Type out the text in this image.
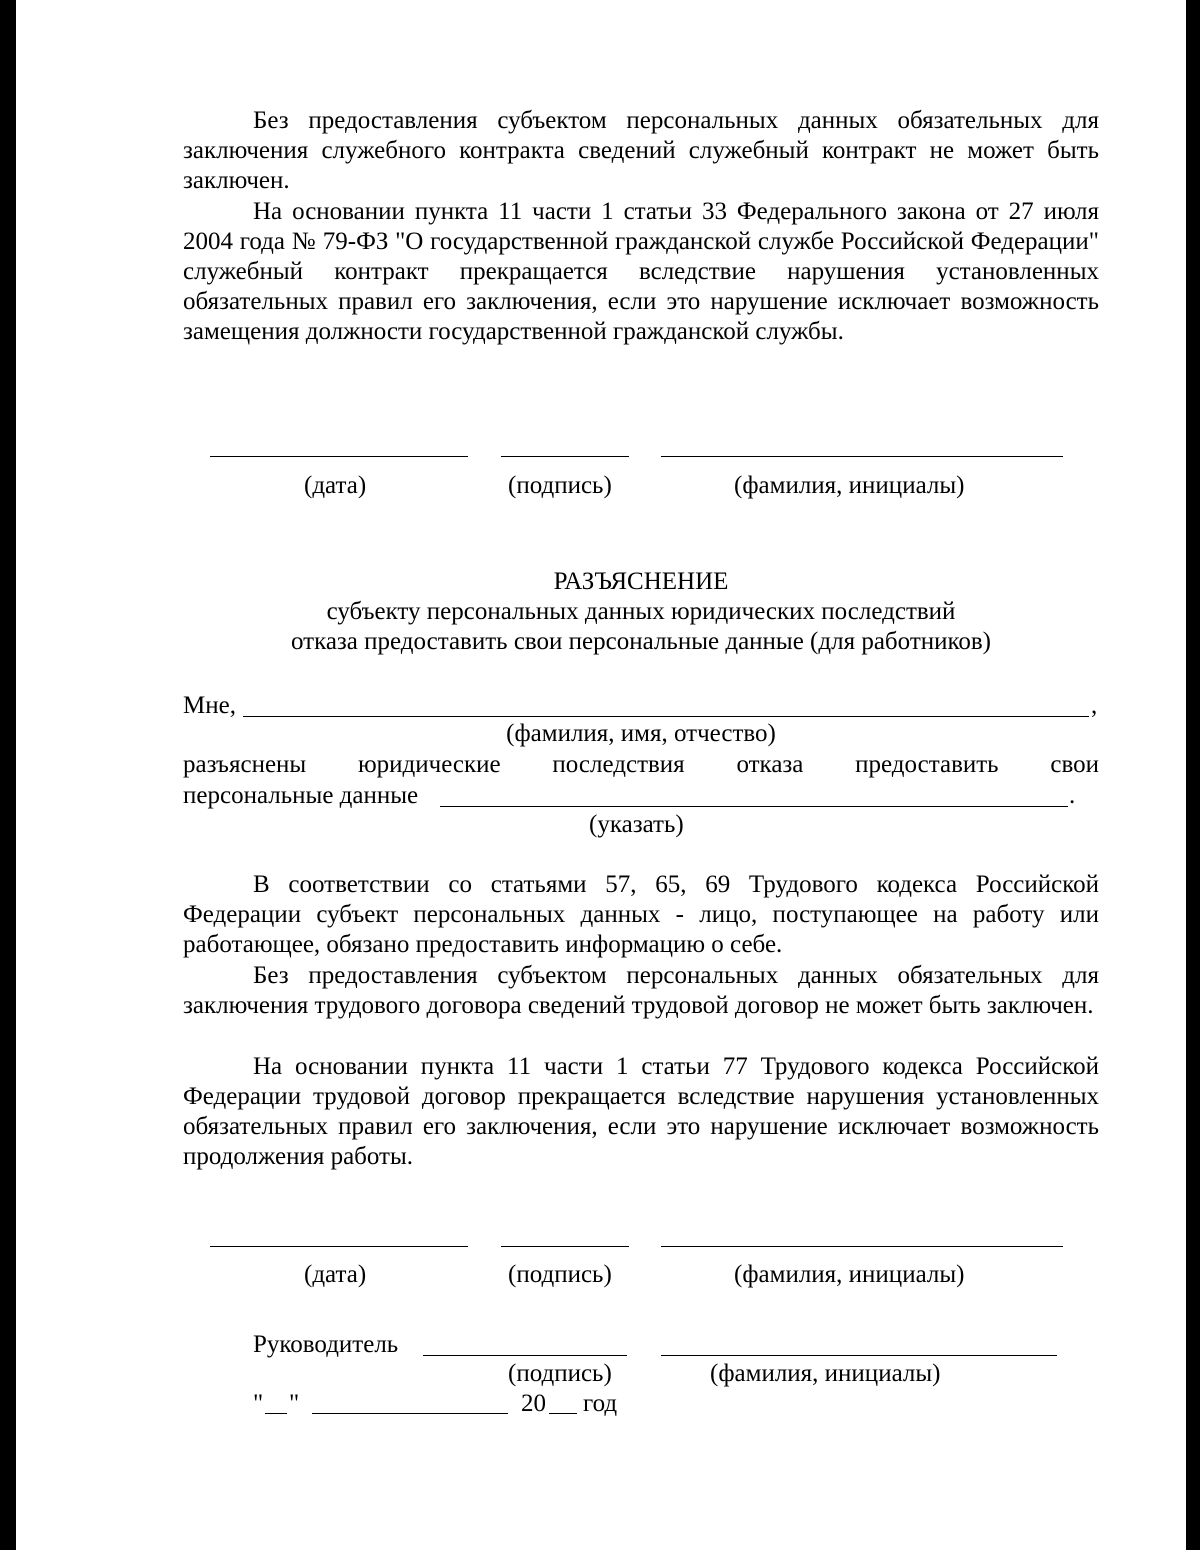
Без предоставления субъектом персональных данных обязательных для заключения служебного контракта сведений служебный контракт не может быть заключен.

На основании пункта 11 части 1 статьи 33 Федерального закона от 27 июля 2004 года № 79-ФЗ "О государственной гражданской службе Российской Федерации" служебный контракт прекращается вследствие нарушения установленных обязательных правил его заключения, если это нарушение исключает возможность замещения должности государственной гражданской службы.

(дата)	(подпись)	(фамилия, инициалы)
РАЗЪЯСНЕНИЕ
субъекту персональных данных юридических последствий
отказа предоставить свои персональные данные (для работников)
Мне,	,
(фамилия, имя, отчество)
разъяснены юридические последствия отказа предоставить свои
персональные данные	.
(указать)

В соответствии со статьями 57, 65, 69 Трудового кодекса Российской Федерации субъект персональных данных - лицо, поступающее на работу или работающее, обязано предоставить информацию о себе.

Без предоставления субъектом персональных данных обязательных для заключения трудового договора сведений трудовой договор не может быть заключен.

На основании пункта 11 части 1 статьи 77 Трудового кодекса Российской Федерации трудовой договор прекращается вследствие нарушения установленных обязательных правил его заключения, если это нарушение исключает возможность продолжения работы.

(дата)	(подпись)	(фамилия, инициалы)
Руководитель
(подпись)	(фамилия, инициалы)
" "	20 год
